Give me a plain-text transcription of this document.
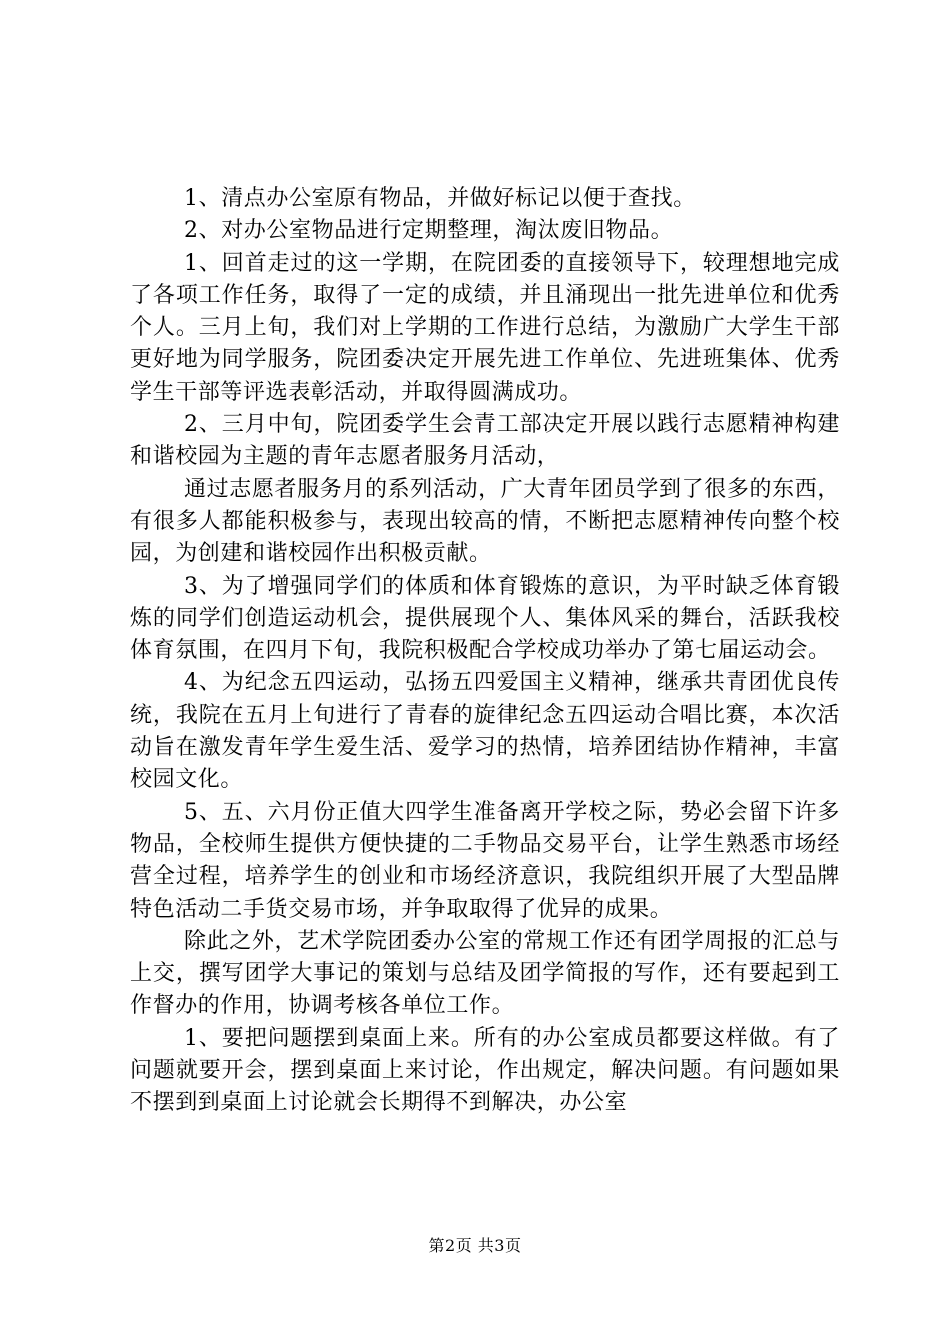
1、清点办公室原有物品，并做好标记以便于查找。

2、对办公室物品进行定期整理，淘汰废旧物品。

1、回首走过的这一学期，在院团委的直接领导下，较理想地完成了各项工作任务，取得了一定的成绩，并且涌现出一批先进单位和优秀个人。三月上旬，我们对上学期的工作进行总结，为激励广大学生干部更好地为同学服务，院团委决定开展先进工作单位、先进班集体、优秀学生干部等评选表彰活动，并取得圆满成功。

2、三月中旬，院团委学生会青工部决定开展以践行志愿精神构建和谐校园为主题的青年志愿者服务月活动，

通过志愿者服务月的系列活动，广大青年团员学到了很多的东西，有很多人都能积极参与，表现出较高的情，不断把志愿精神传向整个校园，为创建和谐校园作出积极贡献。

3、为了增强同学们的体质和体育锻炼的意识，为平时缺乏体育锻炼的同学们创造运动机会，提供展现个人、集体风采的舞台，活跃我校体育氛围，在四月下旬，我院积极配合学校成功举办了第七届运动会。

4、为纪念五四运动，弘扬五四爱国主义精神，继承共青团优良传统，我院在五月上旬进行了青春的旋律纪念五四运动合唱比赛，本次活动旨在激发青年学生爱生活、爱学习的热情，培养团结协作精神，丰富校园文化。

5、五、六月份正值大四学生准备离开学校之际，势必会留下许多物品，全校师生提供方便快捷的二手物品交易平台，让学生熟悉市场经营全过程，培养学生的创业和市场经济意识，我院组织开展了大型品牌特色活动二手货交易市场，并争取取得了优异的成果。

除此之外，艺术学院团委办公室的常规工作还有团学周报的汇总与上交，撰写团学大事记的策划与总结及团学简报的写作，还有要起到工作督办的作用，协调考核各单位工作。

1、要把问题摆到桌面上来。所有的办公室成员都要这样做。有了问题就要开会，摆到桌面上来讨论，作出规定，解决问题。有问题如果不摆到到桌面上讨论就会长期得不到解决，办公室

第2页 共3页
